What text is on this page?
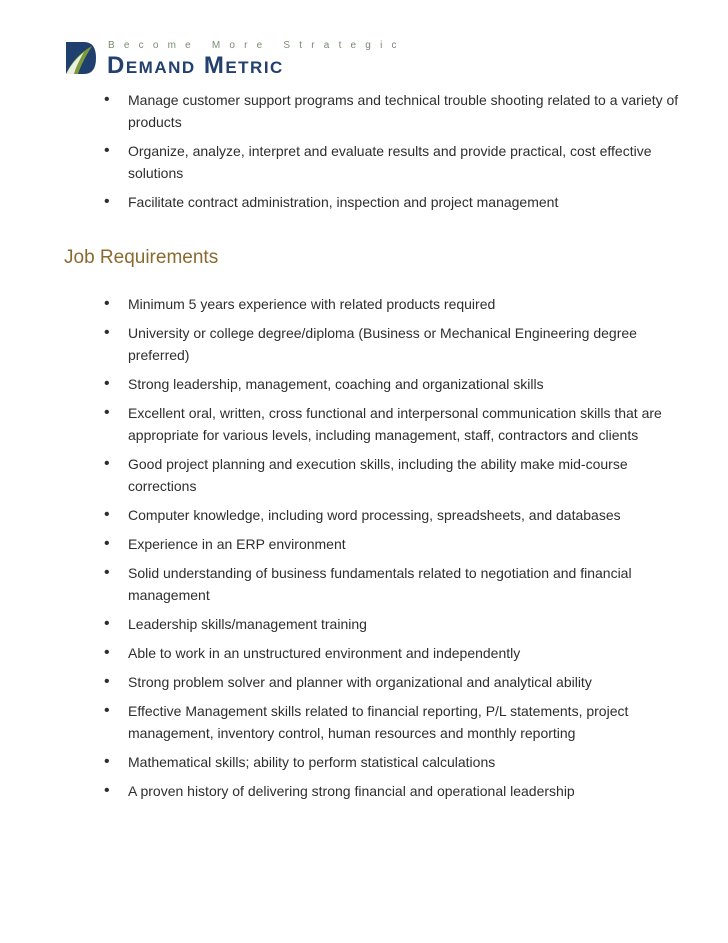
Become More Strategic
Demand Metric
• Manage customer support programs and technical trouble shooting related to a variety of products
• Organize, analyze, interpret and evaluate results and provide practical, cost effective solutions
• Facilitate contract administration, inspection and project management
Job Requirements
• Minimum 5 years experience with related products required
• University or college degree/diploma (Business or Mechanical Engineering degree preferred)
• Strong leadership, management, coaching and organizational skills
• Excellent oral, written, cross functional and interpersonal communication skills that are appropriate for various levels, including management, staff, contractors and clients
• Good project planning and execution skills, including the ability make mid-course corrections
• Computer knowledge, including word processing, spreadsheets, and databases
• Experience in an ERP environment
• Solid understanding of business fundamentals related to negotiation and financial management
• Leadership skills/management training
• Able to work in an unstructured environment and independently
• Strong problem solver and planner with organizational and analytical ability
• Effective Management skills related to financial reporting, P/L statements, project management, inventory control, human resources and monthly reporting
• Mathematical skills; ability to perform statistical calculations
• A proven history of delivering strong financial and operational leadership
